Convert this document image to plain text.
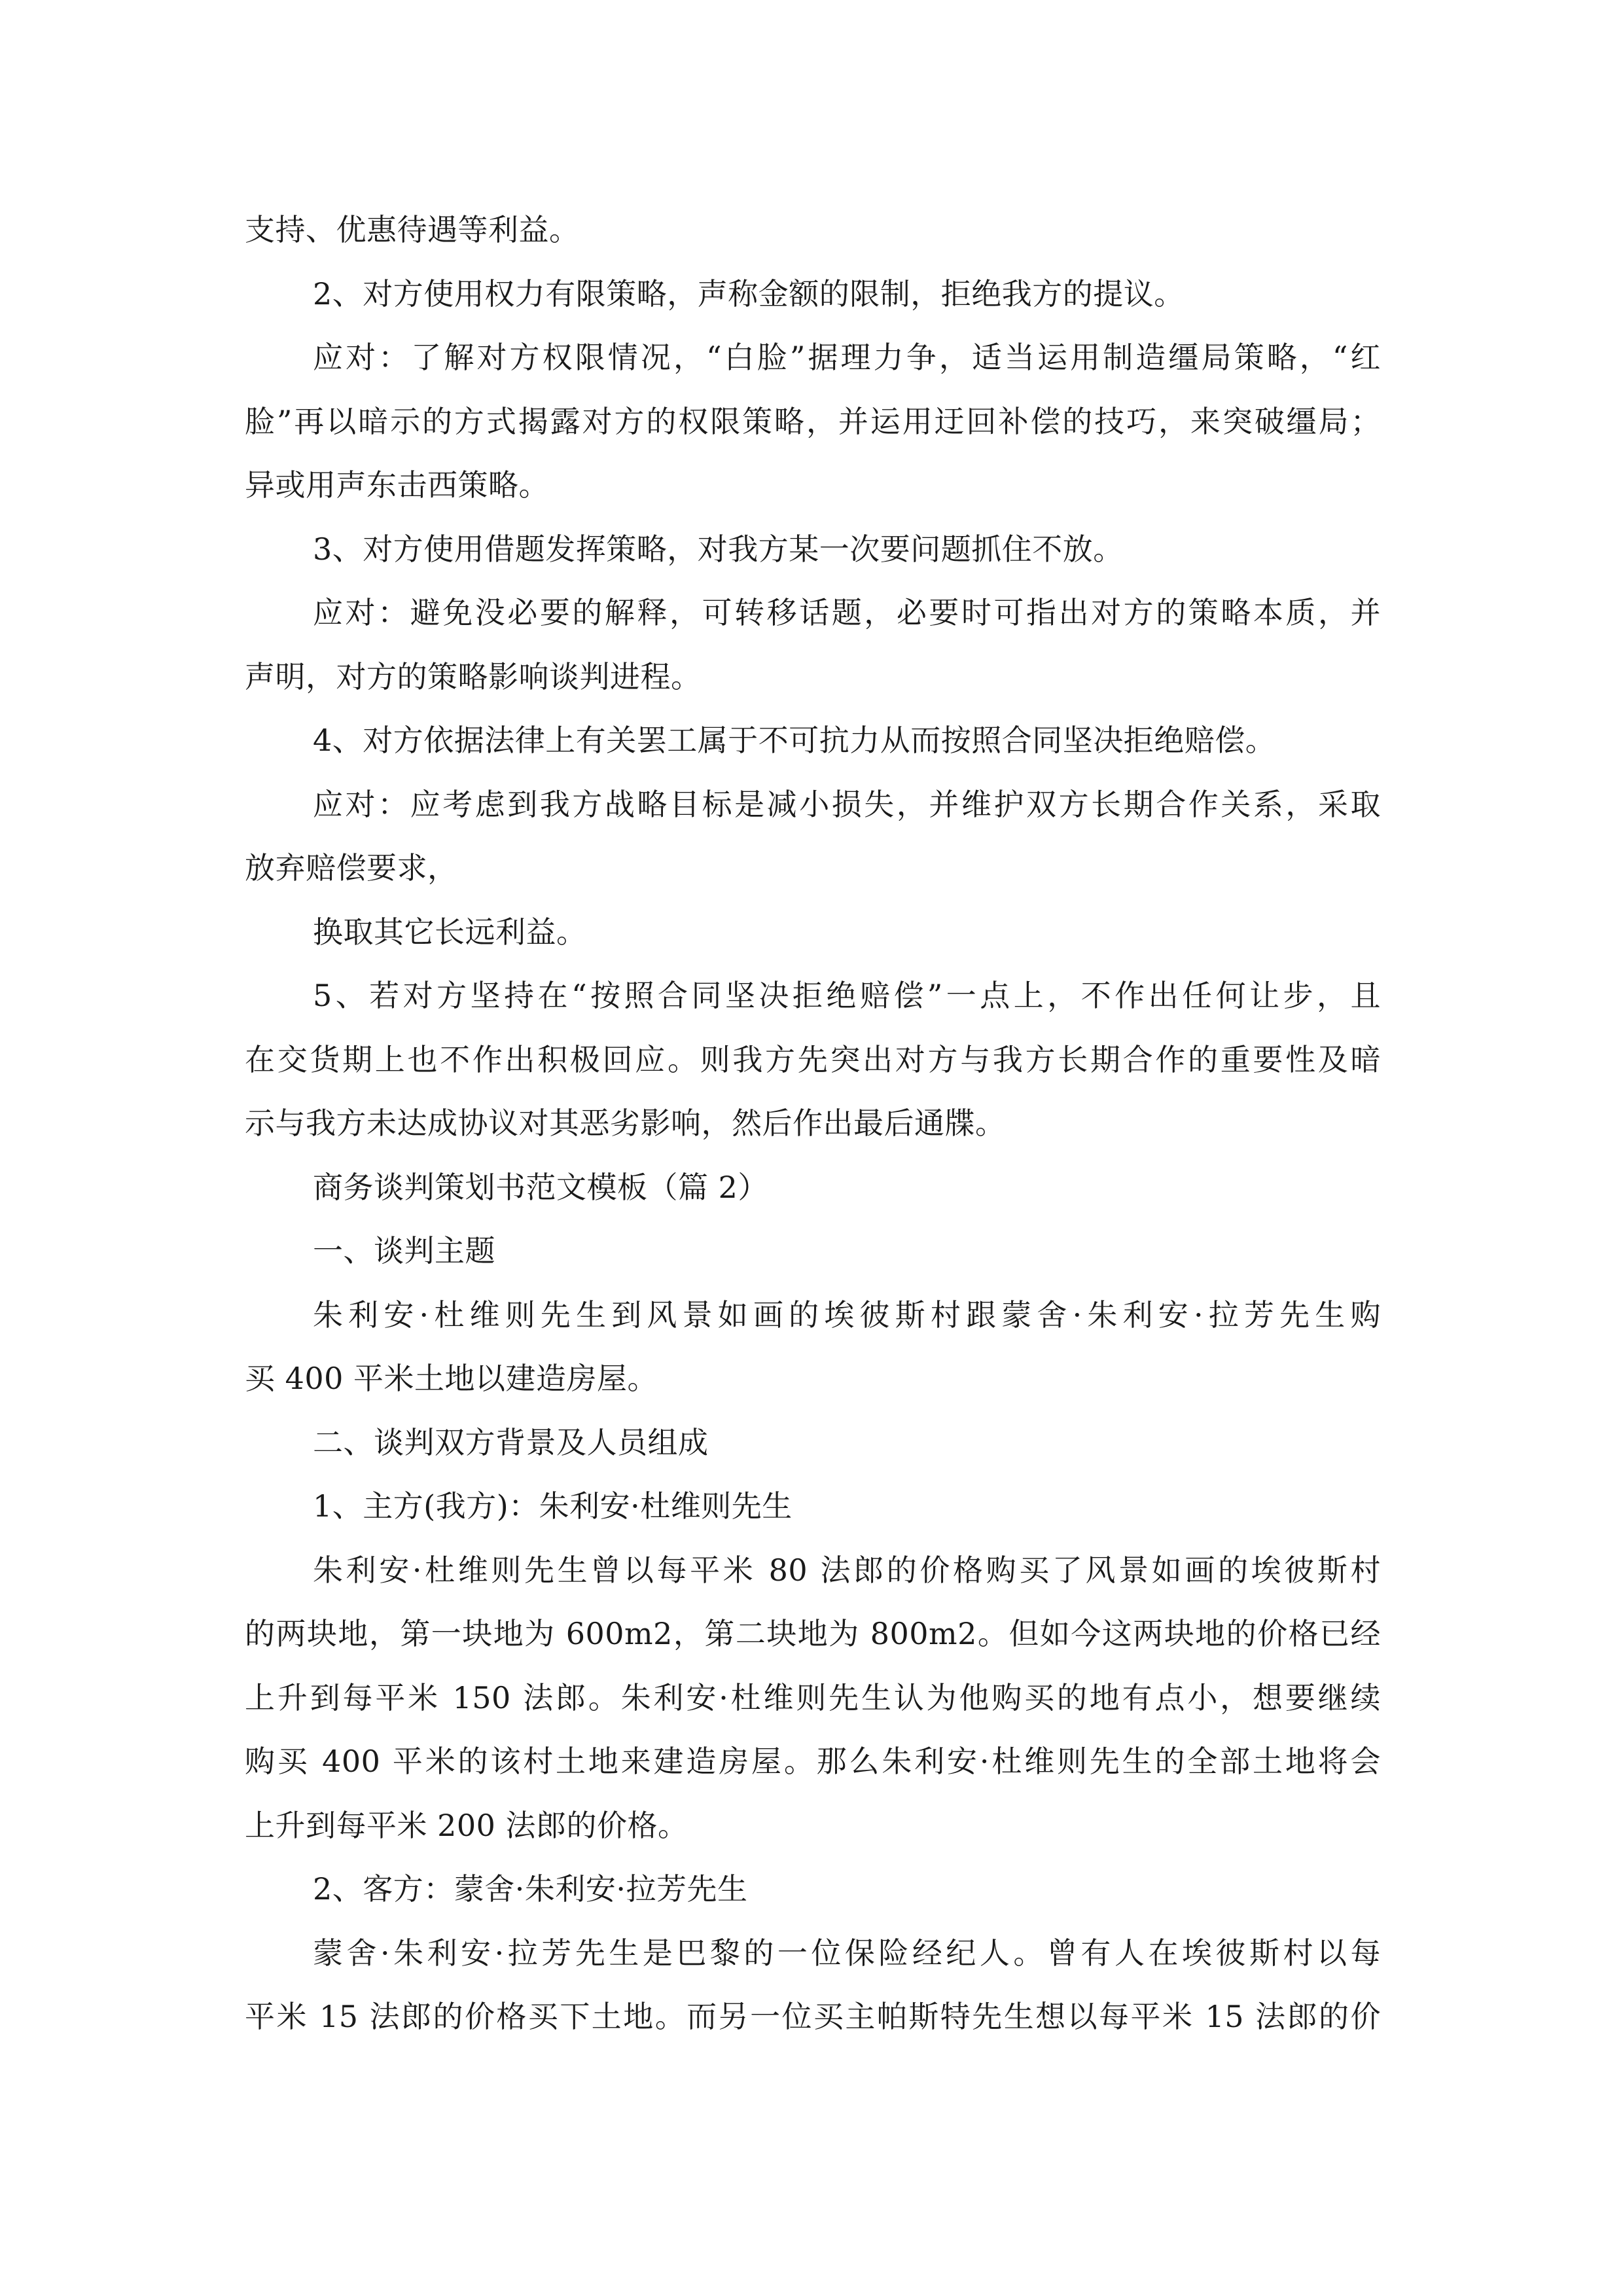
支持、优惠待遇等利益。
2、对方使用权力有限策略，声称金额的限制，拒绝我方的提议。
应对：了解对方权限情况，“白脸”据理力争，适当运用制造缰局策略，“红
脸”再以暗示的方式揭露对方的权限策略，并运用迂回补偿的技巧，来突破缰局；
异或用声东击西策略。
3、对方使用借题发挥策略，对我方某一次要问题抓住不放。
应对：避免没必要的解释，可转移话题，必要时可指出对方的策略本质，并
声明，对方的策略影响谈判进程。
4、对方依据法律上有关罢工属于不可抗力从而按照合同坚决拒绝赔偿。
应对：应考虑到我方战略目标是减小损失，并维护双方长期合作关系，采取
放弃赔偿要求，
换取其它长远利益。
5、若对方坚持在“按照合同坚决拒绝赔偿”一点上，不作出任何让步，且
在交货期上也不作出积极回应。则我方先突出对方与我方长期合作的重要性及暗
示与我方未达成协议对其恶劣影响，然后作出最后通牒。
商务谈判策划书范文模板（篇 2）
一、谈判主题
朱利安·杜维则先生到风景如画的埃彼斯村跟蒙舍·朱利安·拉芳先生购
买 400 平米土地以建造房屋。
二、谈判双方背景及人员组成
1、主方(我方)：朱利安·杜维则先生
朱利安·杜维则先生曾以每平米 80 法郎的价格购买了风景如画的埃彼斯村
的两块地，第一块地为 600m2，第二块地为 800m2。但如今这两块地的价格已经
上升到每平米 150 法郎。朱利安·杜维则先生认为他购买的地有点小，想要继续
购买 400 平米的该村土地来建造房屋。那么朱利安·杜维则先生的全部土地将会
上升到每平米 200 法郎的价格。
2、客方：蒙舍·朱利安·拉芳先生
蒙舍·朱利安·拉芳先生是巴黎的一位保险经纪人。曾有人在埃彼斯村以每
平米 15 法郎的价格买下土地。而另一位买主帕斯特先生想以每平米 15 法郎的价
